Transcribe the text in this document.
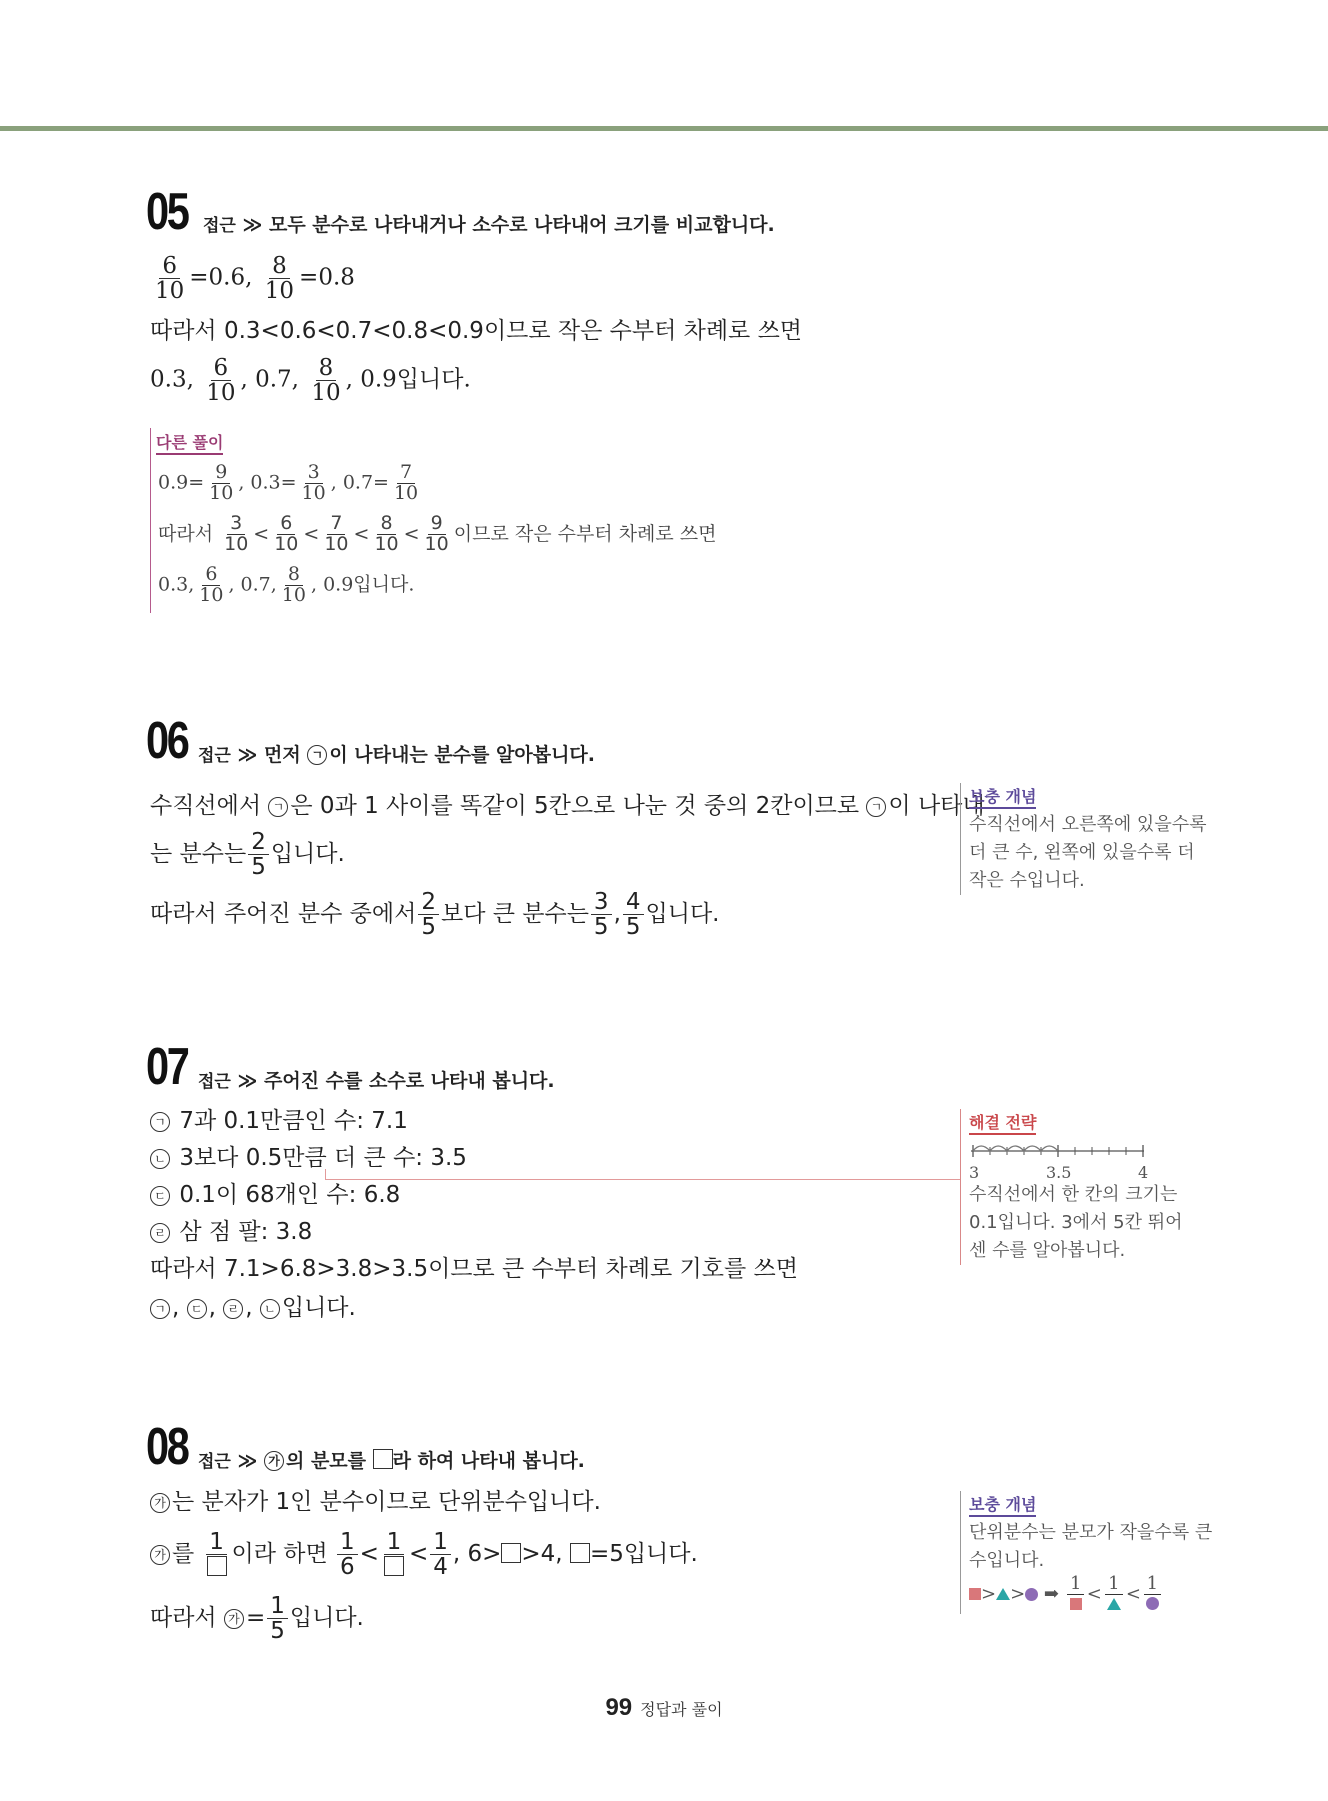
05 접근 ≫ 모두 분수로 나타내거나 소수로 나타내어 크기를 비교합니다.
$\frac{6}{10} =0.6$, $\frac{8}{10} =0.8$
따라서 0.3<0.6<0.7<0.8<0.9이므로 작은 수부터 차례로 쓰면
0.3, $\frac{6}{10}$ , 0.7, $\frac{8}{10}$ , 0.9입니다.
다른 풀이
$0.9= \frac{9}{10}$ , $0.3= \frac{3}{10}$ , $0.7= \frac{7}{10}$
따라서 $\frac{3}{10} < \frac{6}{10} < \frac{7}{10} < \frac{8}{10} < \frac{9}{10}$ 이므로 작은 수부터 차례로 쓰면
0.3, $\frac{6}{10}$ , 0.7, $\frac{8}{10}$ , 0.9입니다.
06 접근 ≫ 먼저 ㄱ 이 나타내는 분수를 알아봅니다.
수직선에서 ㄱ 은 0과 1 사이를 똑같이 5칸으로 나눈 것 중의 2칸이므로 ㄱ 이 나타내
는 분수는 $\frac{2}{5}$ 입니다.
따라서 주어진 분수 중에서 $\frac{2}{5}$ 보다 큰 분수는 $\frac{3}{5}$ , $\frac{4}{5}$ 입니다.
보충 개념
수직선에서 오른쪽에 있을수록
더 큰 수, 왼쪽에 있을수록 더
작은 수입니다.
07 접근 ≫ 주어진 수를 소수로 나타내 봅니다.
ㄱ 7과 0.1만큼인 수: 7.1
ㄴ 3보다 0.5만큼 더 큰 수: 3.5
ㄷ 0.1이 68개인 수: 6.8
ㄹ 삼 점 팔: 3.8
따라서 7.1>6.8>3.8>3.5이므로 큰 수부터 차례로 기호를 쓰면
ㄱ , ㄷ , ㄹ , ㄴ 입니다.
해결 전략
3	3.5	4
수직선에서 한 칸의 크기는
0.1입니다. 3에서 5칸 뛰어
센 수를 알아봅니다.
08 접근 ≫ 가 의 분모를 라 하여 나타내 봅니다.
가 는 분자가 1인 분수이므로 단위분수입니다.
가 를 1 이라 하면 $\frac{1}{6} < 1 < \frac{1}{4}$ , 6> >4, =5입니다.
따라서 가 = $\frac{1}{5}$ 입니다.
보충 개념
단위분수는 분모가 작을수록 큰
수입니다.
> > ➡ 1 < 1 < 1
99 정답과 풀이
